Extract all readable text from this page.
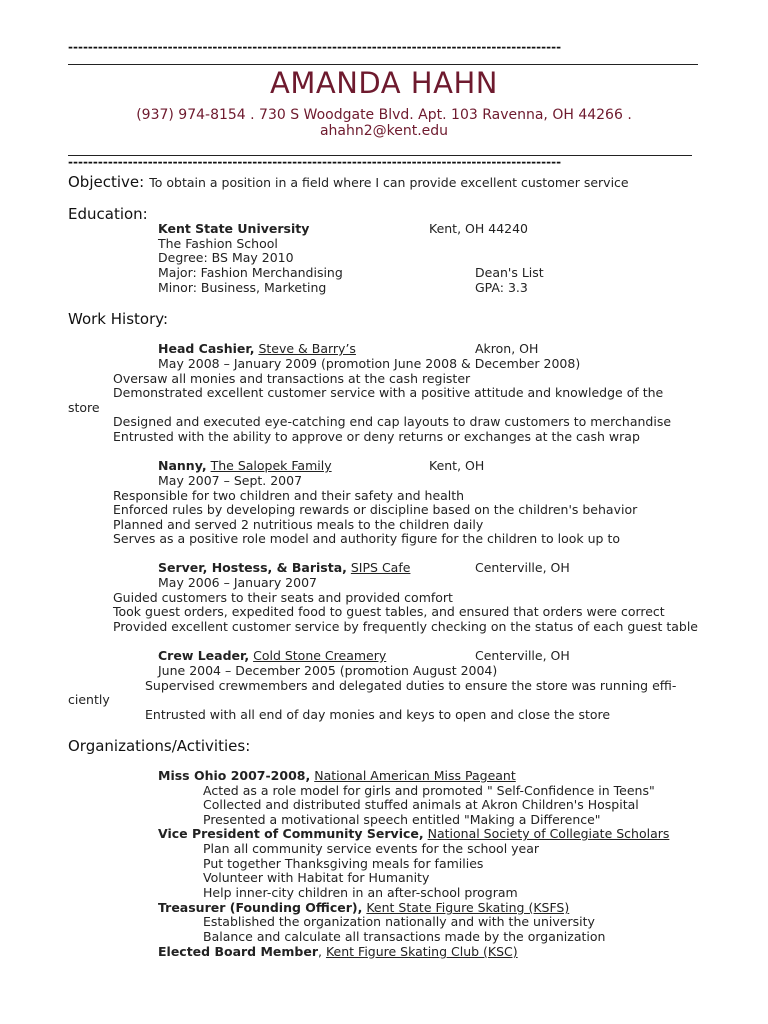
---------------------------------------------------------------------------------------------------
AMANDA HAHN
(937) 974-8154 . 730 S Woodgate Blvd. Apt. 103 Ravenna, OH 44266 .
ahahn2@kent.edu
---------------------------------------------------------------------------------------------------
Objective: To obtain a position in a field where I can provide excellent customer service
Education:
Kent State University	Kent, OH 44240
The Fashion School
Degree: BS May 2010
Major: Fashion Merchandising	Dean's List
Minor: Business, Marketing	GPA: 3.3
Work History:
Head Cashier, Steve & Barry’s	Akron, OH
May 2008 – January 2009 (promotion June 2008 & December 2008)
Oversaw all monies and transactions at the cash register
Demonstrated excellent customer service with a positive attitude and knowledge of the
store
Designed and executed eye-catching end cap layouts to draw customers to merchandise
Entrusted with the ability to approve or deny returns or exchanges at the cash wrap
Nanny, The Salopek Family	Kent, OH
May 2007 – Sept. 2007
Responsible for two children and their safety and health
Enforced rules by developing rewards or discipline based on the children's behavior
Planned and served 2 nutritious meals to the children daily
Serves as a positive role model and authority figure for the children to look up to
Server, Hostess, & Barista, SIPS Cafe	Centerville, OH
May 2006 – January 2007
Guided customers to their seats and provided comfort
Took guest orders, expedited food to guest tables, and ensured that orders were correct
Provided excellent customer service by frequently checking on the status of each guest table
Crew Leader, Cold Stone Creamery	Centerville, OH
June 2004 – December 2005 (promotion August 2004)
Supervised crewmembers and delegated duties to ensure the store was running effi-
ciently
Entrusted with all end of day monies and keys to open and close the store
Organizations/Activities:
Miss Ohio 2007-2008, National American Miss Pageant
Acted as a role model for girls and promoted " Self-Confidence in Teens"
Collected and distributed stuffed animals at Akron Children's Hospital
Presented a motivational speech entitled "Making a Difference"
Vice President of Community Service, National Society of Collegiate Scholars
Plan all community service events for the school year
Put together Thanksgiving meals for families
Volunteer with Habitat for Humanity
Help inner-city children in an after-school program
Treasurer (Founding Officer), Kent State Figure Skating (KSFS)
Established the organization nationally and with the university
Balance and calculate all transactions made by the organization
Elected Board Member, Kent Figure Skating Club (KSC)
